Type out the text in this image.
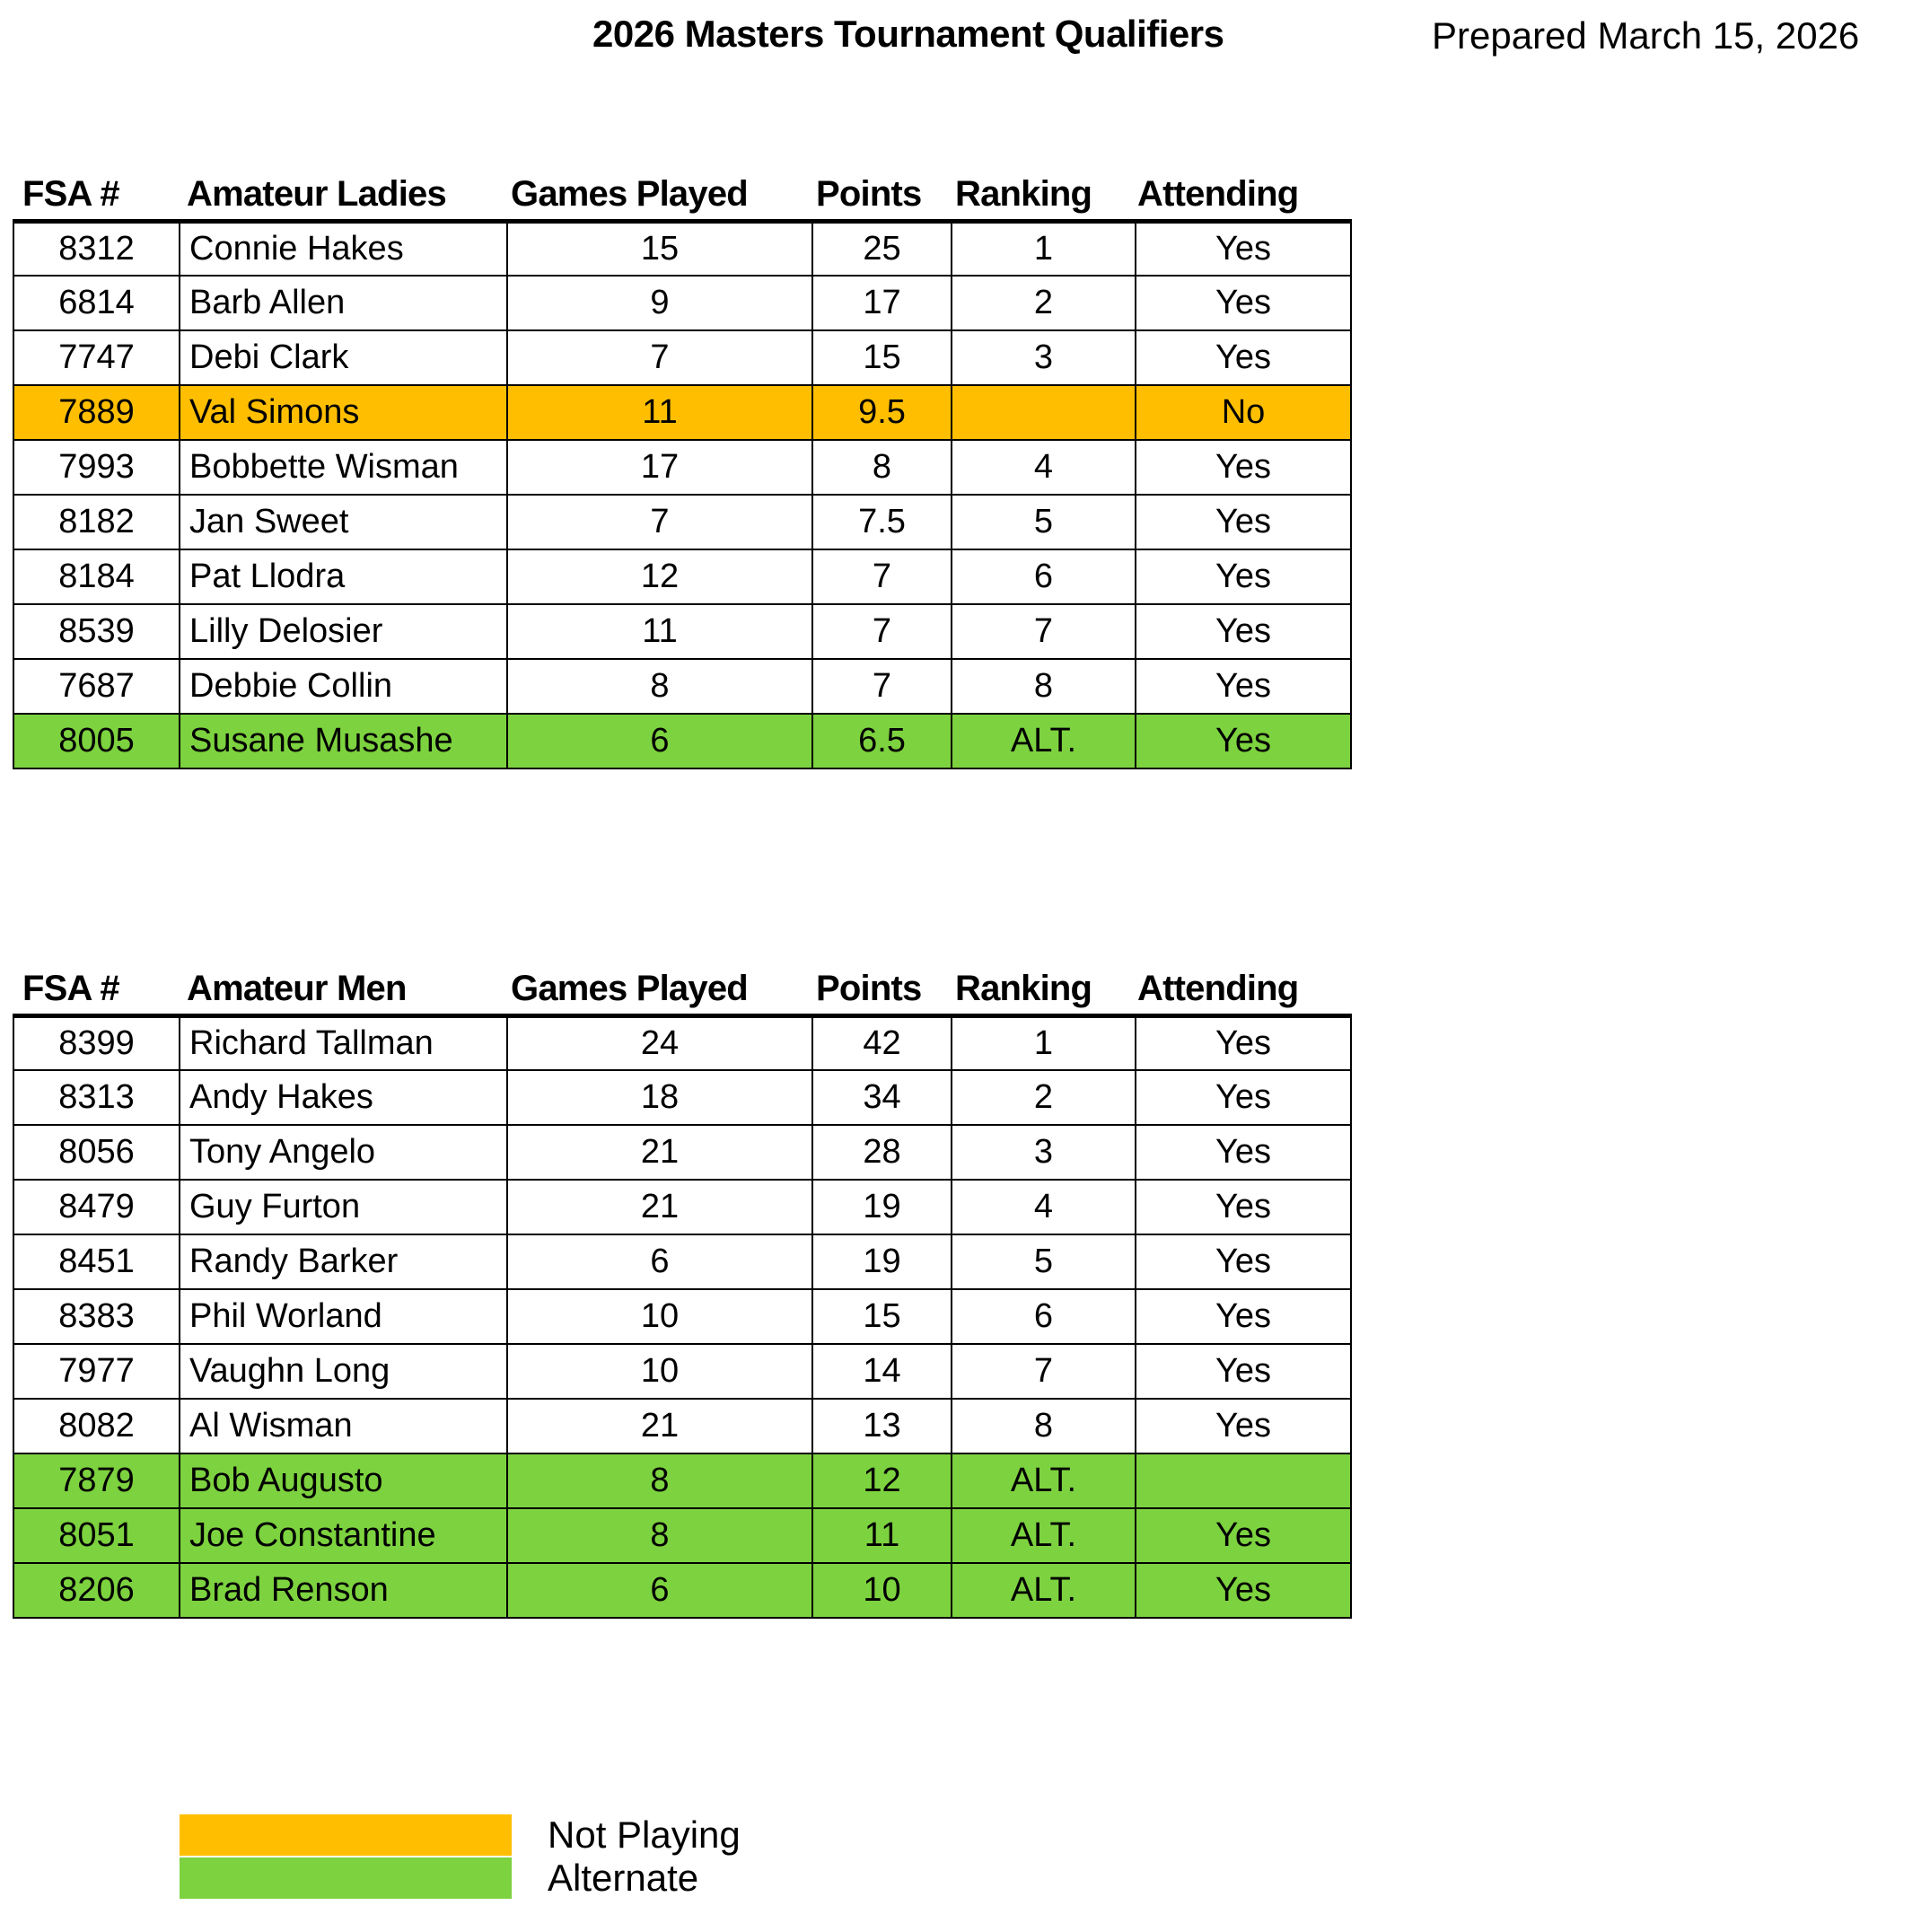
2026 Masters Tournament Qualifiers	Prepared March 15, 2026
FSA #	Amateur Ladies	Games Played	Points	Ranking	Attending
8312	Connie Hakes	15	25	1	Yes
6814	Barb Allen	9	17	2	Yes
7747	Debi Clark	7	15	3	Yes
7889	Val Simons	11	9.5		No
7993	Bobbette Wisman	17	8	4	Yes
8182	Jan Sweet	7	7.5	5	Yes
8184	Pat Llodra	12	7	6	Yes
8539	Lilly Delosier	11	7	7	Yes
7687	Debbie Collin	8	7	8	Yes
8005	Susane Musashe	6	6.5	ALT.	Yes
FSA #	Amateur Men	Games Played	Points	Ranking	Attending
8399	Richard Tallman	24	42	1	Yes
8313	Andy Hakes	18	34	2	Yes
8056	Tony Angelo	21	28	3	Yes
8479	Guy Furton	21	19	4	Yes
8451	Randy Barker	6	19	5	Yes
8383	Phil Worland	10	15	6	Yes
7977	Vaughn Long	10	14	7	Yes
8082	Al Wisman	21	13	8	Yes
7879	Bob Augusto	8	12	ALT.	
8051	Joe Constantine	8	11	ALT.	Yes
8206	Brad Renson	6	10	ALT.	Yes
Not Playing
Alternate
